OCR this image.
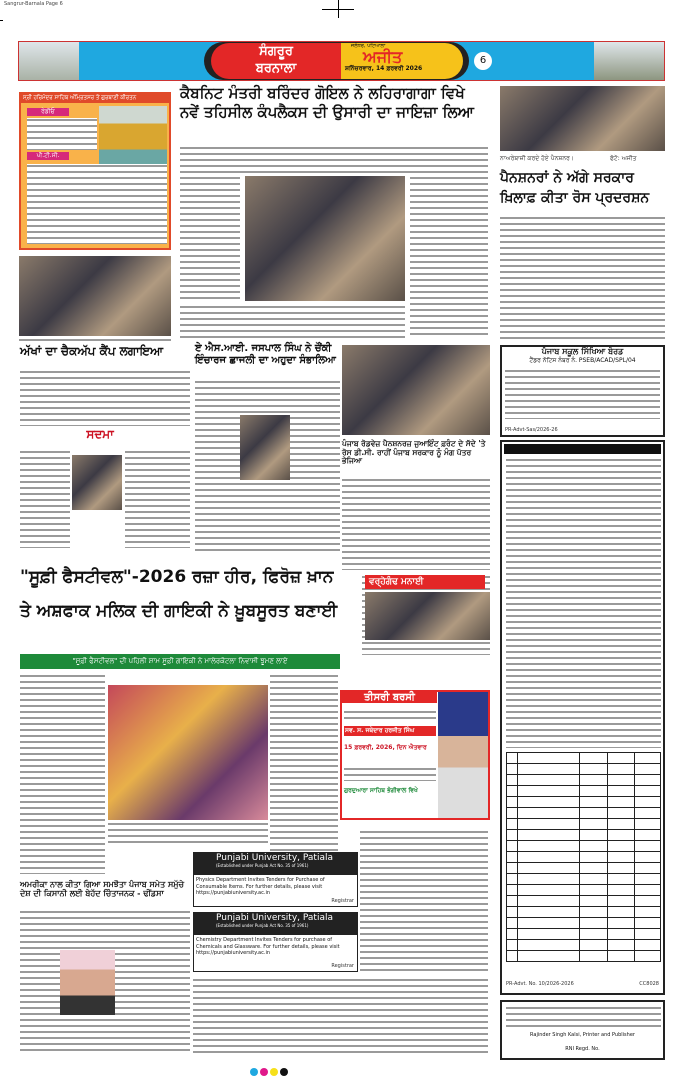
Sangrur-Barnala Page 6
ਸੰਗਰੂਰ
ਬਰਨਾਲਾ
ਜਲੰਧਰ, ਪਟਿਆਲਾ
ਅਜੀਤ
ਸ਼ਨਿੱਚਰਵਾਰ, 14 ਫ਼ਰਵਰੀ 2026
6
ਸ੍ਰੀ ਹਰਿਮੰਦਰ ਸਾਹਿਬ ਅੰਮ੍ਰਿਤਸਰ ਤੋਂ ਗੁਰਬਾਣੀ ਕੀਰਤਨ
ਰੇਡੀਓ
ਪੀ.ਟੀ.ਸੀ.
ਕੈਬਨਿਟ ਮੰਤਰੀ ਬਰਿੰਦਰ ਗੋਇਲ ਨੇ ਲਹਿਰਾਗਾਗਾ ਵਿਖੇ
ਨਵੇਂ ਤਹਿਸੀਲ ਕੰਪਲੈਕਸ ਦੀ ਉਸਾਰੀ ਦਾ ਜਾਇਜ਼ਾ ਲਿਆ
ਨਾਅਰੇਬਾਜ਼ੀ ਕਰਦੇ ਹੋਏ ਪੈਨਸ਼ਨਰ।	ਫੋਟੋ: ਅਜੀਤ
ਪੈਨਸ਼ਨਰਾਂ ਨੇ ਅੱਗੇ ਸਰਕਾਰ ਖ਼ਿਲਾਫ਼ ਕੀਤਾ ਰੋਸ ਪ੍ਰਦਰਸ਼ਨ
ਪੰਜਾਬ ਸਕੂਲ ਸਿੱਖਿਆ ਬੋਰਡ
ਟੈਂਡਰ ਨੋਟਿਸ ਨੰਬਰ ਨੰ. PSEB/ACAD/SPL/04
PR-Advt-Sas/2026-26
PR-Advt. No. 10/2026-2026	CC8028
Rajinder Singh Kalsi, Printer and Publisher
RNI Regd. No.
ਅੱਖਾਂ ਦਾ ਚੈਕਅੱਪ ਕੈਂਪ ਲਗਾਇਆ
ਸਦਮਾ
ਏ ਐਸ.ਆਈ. ਜਸਪਾਲ ਸਿੰਘ ਨੇ ਚੌਂਕੀ ਇੰਚਾਰਜ ਛਾਜਲੀ ਦਾ ਅਹੁਦਾ ਸੰਭਾਲਿਆ
ਪੰਜਾਬ ਰੋਡਵੇਜ਼ ਪੈਨਸ਼ਨਰਜ਼ ਜੁਆਇੰਟ ਫ਼ਰੰਟ ਦੇ ਸੱਦੇ 'ਤੇ ਰੋਸ ਡੀ.ਸੀ. ਰਾਹੀਂ ਪੰਜਾਬ ਸਰਕਾਰ ਨੂੰ ਮੰਗ ਪੱਤਰ ਭੇਜਿਆ
"ਸੂਫ਼ੀ ਫੈਸਟੀਵਲ"-2026 ਰਜ਼ਾ ਹੀਰ, ਫਿਰੋਜ਼ ਖ਼ਾਨ
ਤੇ ਅਸ਼ਫਾਕ ਮਲਿਕ ਦੀ ਗਾਇਕੀ ਨੇ ਖ਼ੂਬਸੂਰਤ ਬਣਾਈ
"ਸੂਫ਼ੀ ਫੈਸਟੀਵਲ" ਦੀ ਪਹਿਲੀ ਸ਼ਾਮ ਸੂਫ਼ੀ ਗਾਇਕੀ ਨੇ ਮਾਲੇਰਕੋਟਲਾ ਨਿਵਾਸੀ ਝੂਮਣ ਲਾਏ
ਵਰ੍ਹੇਗੰਢ ਮਨਾਈ
ਤੀਸਰੀ ਬਰਸੀ
ਸਵ. ਸ. ਜਥੇਦਾਰ ਹਰਜੀਤ ਸਿੰਘ
15 ਫ਼ਰਵਰੀ, 2026, ਦਿਨ ਐਤਵਾਰ
ਗੁਰਦੁਆਰਾ ਸਾਹਿਬ ਭੋਗੀਵਾਲ ਵਿਖੇ
ਅਮਰੀਕਾ ਨਾਲ ਕੀਤਾ ਗਿਆ ਸਮਝੌਤਾ ਪੰਜਾਬ ਸਮੇਤ ਸਮੁੱਚੇ ਦੇਸ਼ ਦੀ ਕਿਸਾਨੀ ਲਈ ਬੇਹੱਦ ਚਿੰਤਾਜਨਕ - ਢੀਂਡਸਾ
Punjabi University, Patiala
(Established under Punjab Act No. 35 of 1961)
Physics Department Invites Tenders for Purchase of Consumable Items. For further details, please visit https://punjabiuniversity.ac.in
Registrar
Punjabi University, Patiala
(Established under Punjab Act No. 35 of 1961)
Chemistry Department Invites Tenders for purchase of Chemicals and Glassware. For further details, please visit https://punjabiuniversity.ac.in
Registrar
